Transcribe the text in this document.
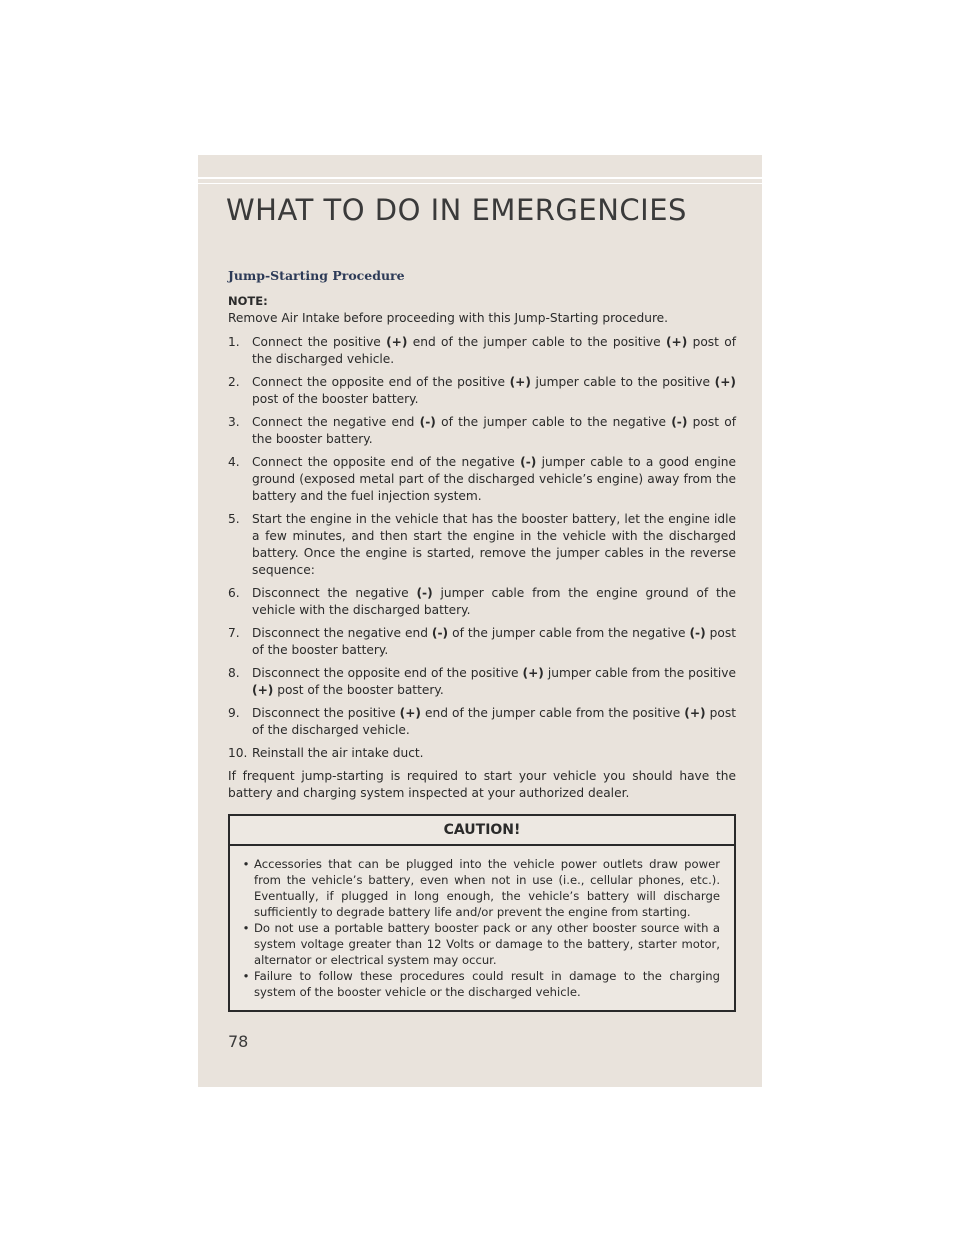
WHAT TO DO IN EMERGENCIES
Jump-Starting Procedure
NOTE:
Remove Air Intake before proceeding with this Jump-Starting procedure.
1.	Connect the positive (+) end of the jumper cable to the positive (+) post of the discharged vehicle.
2.	Connect the opposite end of the positive (+) jumper cable to the positive (+) post of the booster battery.
3.	Connect the negative end (-) of the jumper cable to the negative (-) post of the booster battery.
4.	Connect the opposite end of the negative (-) jumper cable to a good engine ground (exposed metal part of the discharged vehicle’s engine) away from the battery and the fuel injection system.
5.	Start the engine in the vehicle that has the booster battery, let the engine idle a few minutes, and then start the engine in the vehicle with the discharged battery. Once the engine is started, remove the jumper cables in the reverse sequence:
6.	Disconnect the negative (-) jumper cable from the engine ground of the vehicle with the discharged battery.
7.	Disconnect the negative end (-) of the jumper cable from the negative (-) post of the booster battery.
8.	Disconnect the opposite end of the positive (+) jumper cable from the positive (+) post of the booster battery.
9.	Disconnect the positive (+) end of the jumper cable from the positive (+) post of the discharged vehicle.
10. Reinstall the air intake duct.
If frequent jump-starting is required to start your vehicle you should have the battery and charging system inspected at your authorized dealer.
CAUTION!
• Accessories that can be plugged into the vehicle power outlets draw power from the vehicle’s battery, even when not in use (i.e., cellular phones, etc.). Eventually, if plugged in long enough, the vehicle’s battery will discharge sufficiently to degrade battery life and/or prevent the engine from starting.
• Do not use a portable battery booster pack or any other booster source with a system voltage greater than 12 Volts or damage to the battery, starter motor, alternator or electrical system may occur.
• Failure to follow these procedures could result in damage to the charging system of the booster vehicle or the discharged vehicle.
78
